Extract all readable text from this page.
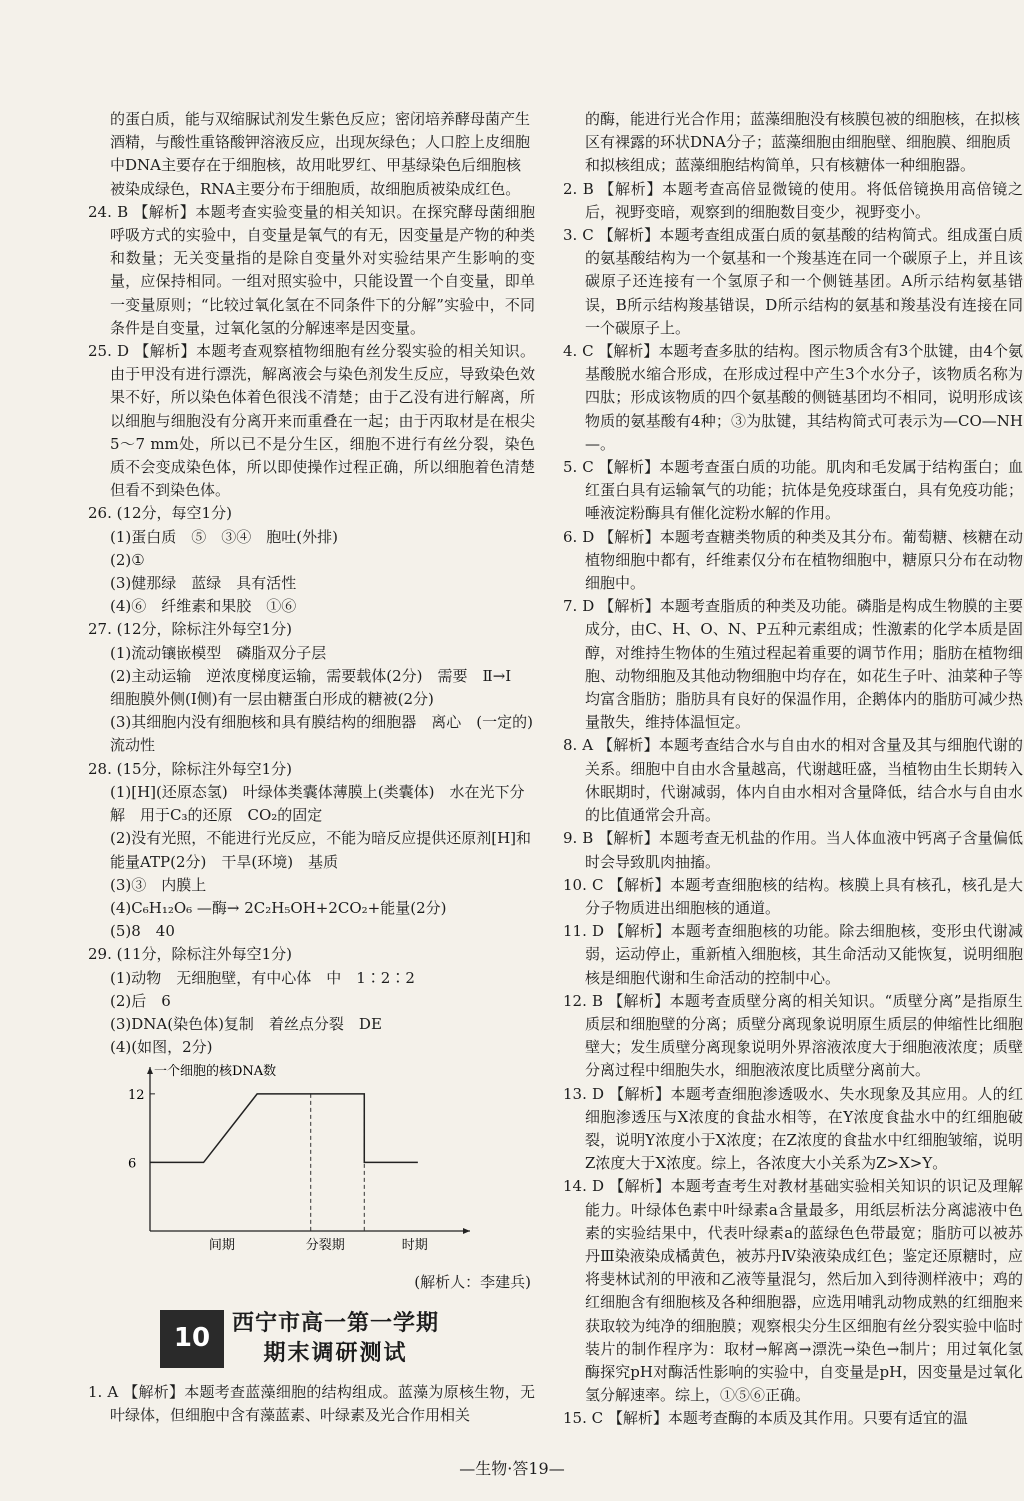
的蛋白质，能与双缩脲试剂发生紫色反应；密闭培养酵母菌产生酒精，与酸性重铬酸钾溶液反应，出现灰绿色；人口腔上皮细胞中DNA主要存在于细胞核，故用吡罗红、甲基绿染色后细胞核被染成绿色，RNA主要分布于细胞质，故细胞质被染成红色。

24. B 【解析】本题考查实验变量的相关知识。在探究酵母菌细胞呼吸方式的实验中，自变量是氧气的有无，因变量是产物的种类和数量；无关变量指的是除自变量外对实验结果产生影响的变量，应保持相同。一组对照实验中，只能设置一个自变量，即单一变量原则；“比较过氧化氢在不同条件下的分解”实验中，不同条件是自变量，过氧化氢的分解速率是因变量。

25. D 【解析】本题考查观察植物细胞有丝分裂实验的相关知识。由于甲没有进行漂洗，解离液会与染色剂发生反应，导致染色效果不好，所以染色体着色很浅不清楚；由于乙没有进行解离，所以细胞与细胞没有分离开来而重叠在一起；由于丙取材是在根尖5～7 mm处，所以已不是分生区，细胞不进行有丝分裂，染色质不会变成染色体，所以即使操作过程正确，所以细胞着色清楚但看不到染色体。

26. (12分，每空1分)

(1)蛋白质　⑤　③④　胞吐(外排)

(2)①

(3)健那绿　蓝绿　具有活性

(4)⑥　纤维素和果胶　①⑥

27. (12分，除标注外每空1分)

(1)流动镶嵌模型　磷脂双分子层

(2)主动运输　逆浓度梯度运输，需要载体(2分)　需要　Ⅱ→Ⅰ　细胞膜外侧(Ⅰ侧)有一层由糖蛋白形成的糖被(2分)

(3)其细胞内没有细胞核和具有膜结构的细胞器　离心　(一定的)流动性

28. (15分，除标注外每空1分)

(1)[H](还原态氢)　叶绿体类囊体薄膜上(类囊体)　水在光下分解　用于C₃的还原　CO₂的固定

(2)没有光照，不能进行光反应，不能为暗反应提供还原剂[H]和能量ATP(2分)　干旱(环境)　基质

(3)③　内膜上

(4)C₆H₁₂O₆ —酶→ 2C₂H₅OH+2CO₂+能量(2分)

(5)8　40

29. (11分，除标注外每空1分)

(1)动物　无细胞壁，有中心体　中　1∶2∶2

(2)后　6

(3)DNA(染色体)复制　着丝点分裂　DE

(4)(如图，2分)

一个细胞的核DNA数
6
12
间期	分裂期	时期

(解析人：李建兵)

10 西宁市高一第一学期
期末调研测试

1. A 【解析】本题考查蓝藻细胞的结构组成。蓝藻为原核生物，无叶绿体，但细胞中含有藻蓝素、叶绿素及光合作用相关

的酶，能进行光合作用；蓝藻细胞没有核膜包被的细胞核，在拟核区有裸露的环状DNA分子；蓝藻细胞由细胞壁、细胞膜、细胞质和拟核组成；蓝藻细胞结构简单，只有核糖体一种细胞器。

2. B 【解析】本题考查高倍显微镜的使用。将低倍镜换用高倍镜之后，视野变暗，观察到的细胞数目变少，视野变小。

3. C 【解析】本题考查组成蛋白质的氨基酸的结构简式。组成蛋白质的氨基酸结构为一个氨基和一个羧基连在同一个碳原子上，并且该碳原子还连接有一个氢原子和一个侧链基团。A所示结构氨基错误，B所示结构羧基错误，D所示结构的氨基和羧基没有连接在同一个碳原子上。

4. C 【解析】本题考查多肽的结构。图示物质含有3个肽键，由4个氨基酸脱水缩合形成，在形成过程中产生3个水分子，该物质名称为四肽；形成该物质的四个氨基酸的侧链基团均不相同，说明形成该物质的氨基酸有4种；③为肽键，其结构简式可表示为—CO—NH—。

5. C 【解析】本题考查蛋白质的功能。肌肉和毛发属于结构蛋白；血红蛋白具有运输氧气的功能；抗体是免疫球蛋白，具有免疫功能；唾液淀粉酶具有催化淀粉水解的作用。

6. D 【解析】本题考查糖类物质的种类及其分布。葡萄糖、核糖在动植物细胞中都有，纤维素仅分布在植物细胞中，糖原只分布在动物细胞中。

7. D 【解析】本题考查脂质的种类及功能。磷脂是构成生物膜的主要成分，由C、H、O、N、P五种元素组成；性激素的化学本质是固醇，对维持生物体的生殖过程起着重要的调节作用；脂肪在植物细胞、动物细胞及其他动物细胞中均存在，如花生子叶、油菜种子等均富含脂肪；脂肪具有良好的保温作用，企鹅体内的脂肪可减少热量散失，维持体温恒定。

8. A 【解析】本题考查结合水与自由水的相对含量及其与细胞代谢的关系。细胞中自由水含量越高，代谢越旺盛，当植物由生长期转入休眠期时，代谢减弱，体内自由水相对含量降低，结合水与自由水的比值通常会升高。

9. B 【解析】本题考查无机盐的作用。当人体血液中钙离子含量偏低时会导致肌肉抽搐。

10. C 【解析】本题考查细胞核的结构。核膜上具有核孔，核孔是大分子物质进出细胞核的通道。

11. D 【解析】本题考查细胞核的功能。除去细胞核，变形虫代谢减弱，运动停止，重新植入细胞核，其生命活动又能恢复，说明细胞核是细胞代谢和生命活动的控制中心。

12. B 【解析】本题考查质壁分离的相关知识。“质壁分离”是指原生质层和细胞壁的分离；质壁分离现象说明原生质层的伸缩性比细胞壁大；发生质壁分离现象说明外界溶液浓度大于细胞液浓度；质壁分离过程中细胞失水，细胞液浓度比质壁分离前大。

13. D 【解析】本题考查细胞渗透吸水、失水现象及其应用。人的红细胞渗透压与X浓度的食盐水相等，在Y浓度食盐水中的红细胞破裂，说明Y浓度小于X浓度；在Z浓度的食盐水中红细胞皱缩，说明Z浓度大于X浓度。综上，各浓度大小关系为Z>X>Y。

14. D 【解析】本题考查考生对教材基础实验相关知识的识记及理解能力。叶绿体色素中叶绿素a含量最多，用纸层析法分离滤液中色素的实验结果中，代表叶绿素a的蓝绿色色带最宽；脂肪可以被苏丹Ⅲ染液染成橘黄色，被苏丹Ⅳ染液染成红色；鉴定还原糖时，应将斐林试剂的甲液和乙液等量混匀，然后加入到待测样液中；鸡的红细胞含有细胞核及各种细胞器，应选用哺乳动物成熟的红细胞来获取较为纯净的细胞膜；观察根尖分生区细胞有丝分裂实验中临时装片的制作程序为：取材→解离→漂洗→染色→制片；用过氧化氢酶探究pH对酶活性影响的实验中，自变量是pH，因变量是过氧化氢分解速率。综上，①⑤⑥正确。

15. C 【解析】本题考查酶的本质及其作用。只要有适宜的温

—生物·答19—
